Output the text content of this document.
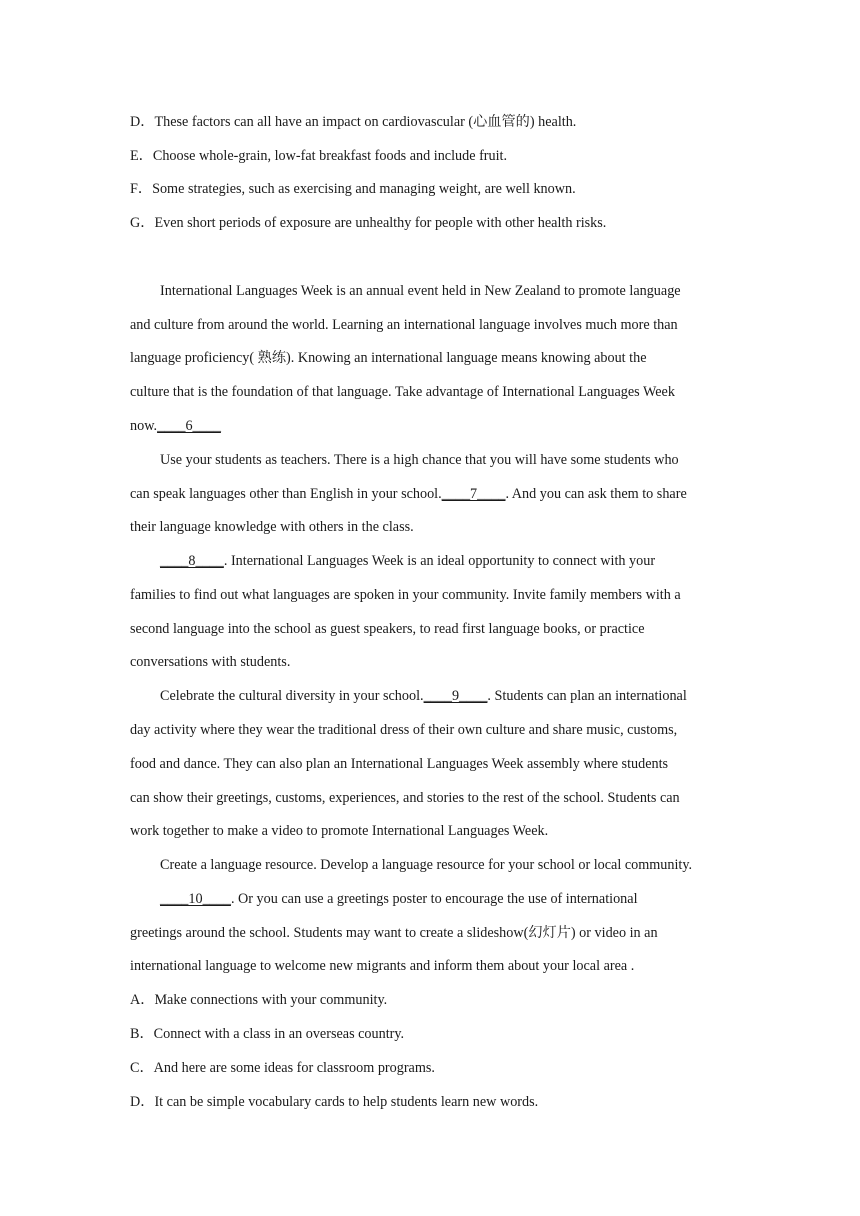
D．These factors can all have an impact on cardiovascular (心血管的) health.
E．Choose whole-grain, low-fat breakfast foods and include fruit.
F．Some strategies, such as exercising and managing weight, are well known.
G．Even short periods of exposure are unhealthy for people with other health risks.
International Languages Week is an annual event held in New Zealand to promote language
and culture from around the world. Learning an international language involves much more than
language proficiency( 熟练). Knowing an international language means knowing about the
culture that is the foundation of that language. Take advantage of International Languages Week
now.____6____
Use your students as teachers. There is a high chance that you will have some students who
can speak languages other than English in your school.____7____. And you can ask them to share
their language knowledge with others in the class.
____8____. International Languages Week is an ideal opportunity to connect with your
families to find out what languages are spoken in your community. Invite family members with a
second language into the school as guest speakers, to read first language books, or practice
conversations with students.
Celebrate the cultural diversity in your school.____9____. Students can plan an international
day activity where they wear the traditional dress of their own culture and share music, customs,
food and dance. They can also plan an International Languages Week assembly where students
can show their greetings, customs, experiences, and stories to the rest of the school. Students can
work together to make a video to promote International Languages Week.
Create a language resource. Develop a language resource for your school or local community.
____10____. Or you can use a greetings poster to encourage the use of international
greetings around the school. Students may want to create a slideshow(幻灯片) or video in an
international language to welcome new migrants and inform them about your local area .
A．Make connections with your community.
B．Connect with a class in an overseas country.
C．And here are some ideas for classroom programs.
D．It can be simple vocabulary cards to help students learn new words.
